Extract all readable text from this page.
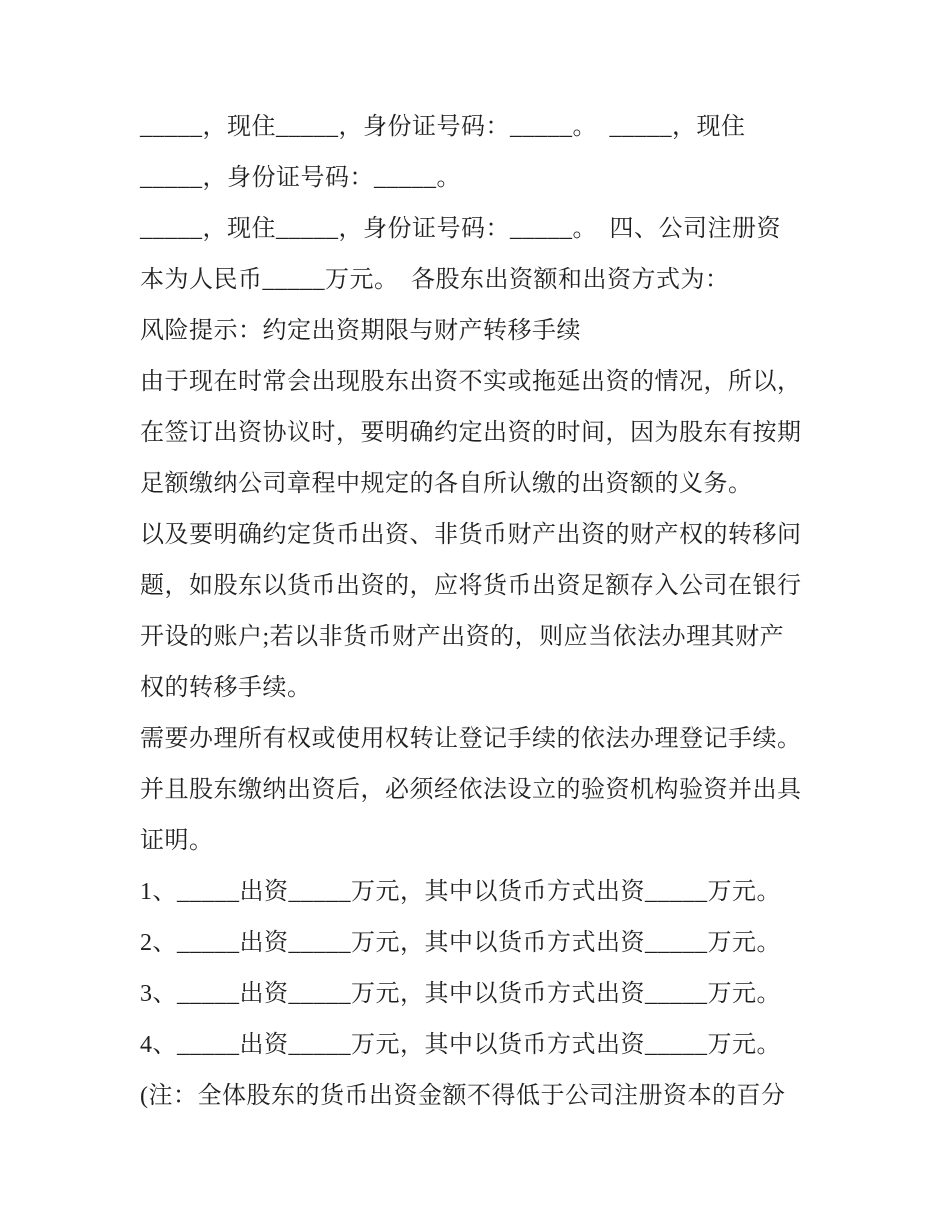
_____，现住_____，身份证号码：_____。　_____，现住
_____，身份证号码：_____。
_____，现住_____，身份证号码：_____。　四、公司注册资
本为人民币_____万元。　各股东出资额和出资方式为：
风险提示：约定出资期限与财产转移手续
由于现在时常会出现股东出资不实或拖延出资的情况，所以，
在签订出资协议时，要明确约定出资的时间，因为股东有按期
足额缴纳公司章程中规定的各自所认缴的出资额的义务。
以及要明确约定货币出资、非货币财产出资的财产权的转移问
题，如股东以货币出资的，应将货币出资足额存入公司在银行
开设的账户;若以非货币财产出资的，则应当依法办理其财产
权的转移手续。
需要办理所有权或使用权转让登记手续的依法办理登记手续。
并且股东缴纳出资后，必须经依法设立的验资机构验资并出具
证明。
1、_____出资_____万元，其中以货币方式出资_____万元。
2、_____出资_____万元，其中以货币方式出资_____万元。
3、_____出资_____万元，其中以货币方式出资_____万元。
4、_____出资_____万元，其中以货币方式出资_____万元。
(注：全体股东的货币出资金额不得低于公司注册资本的百分
